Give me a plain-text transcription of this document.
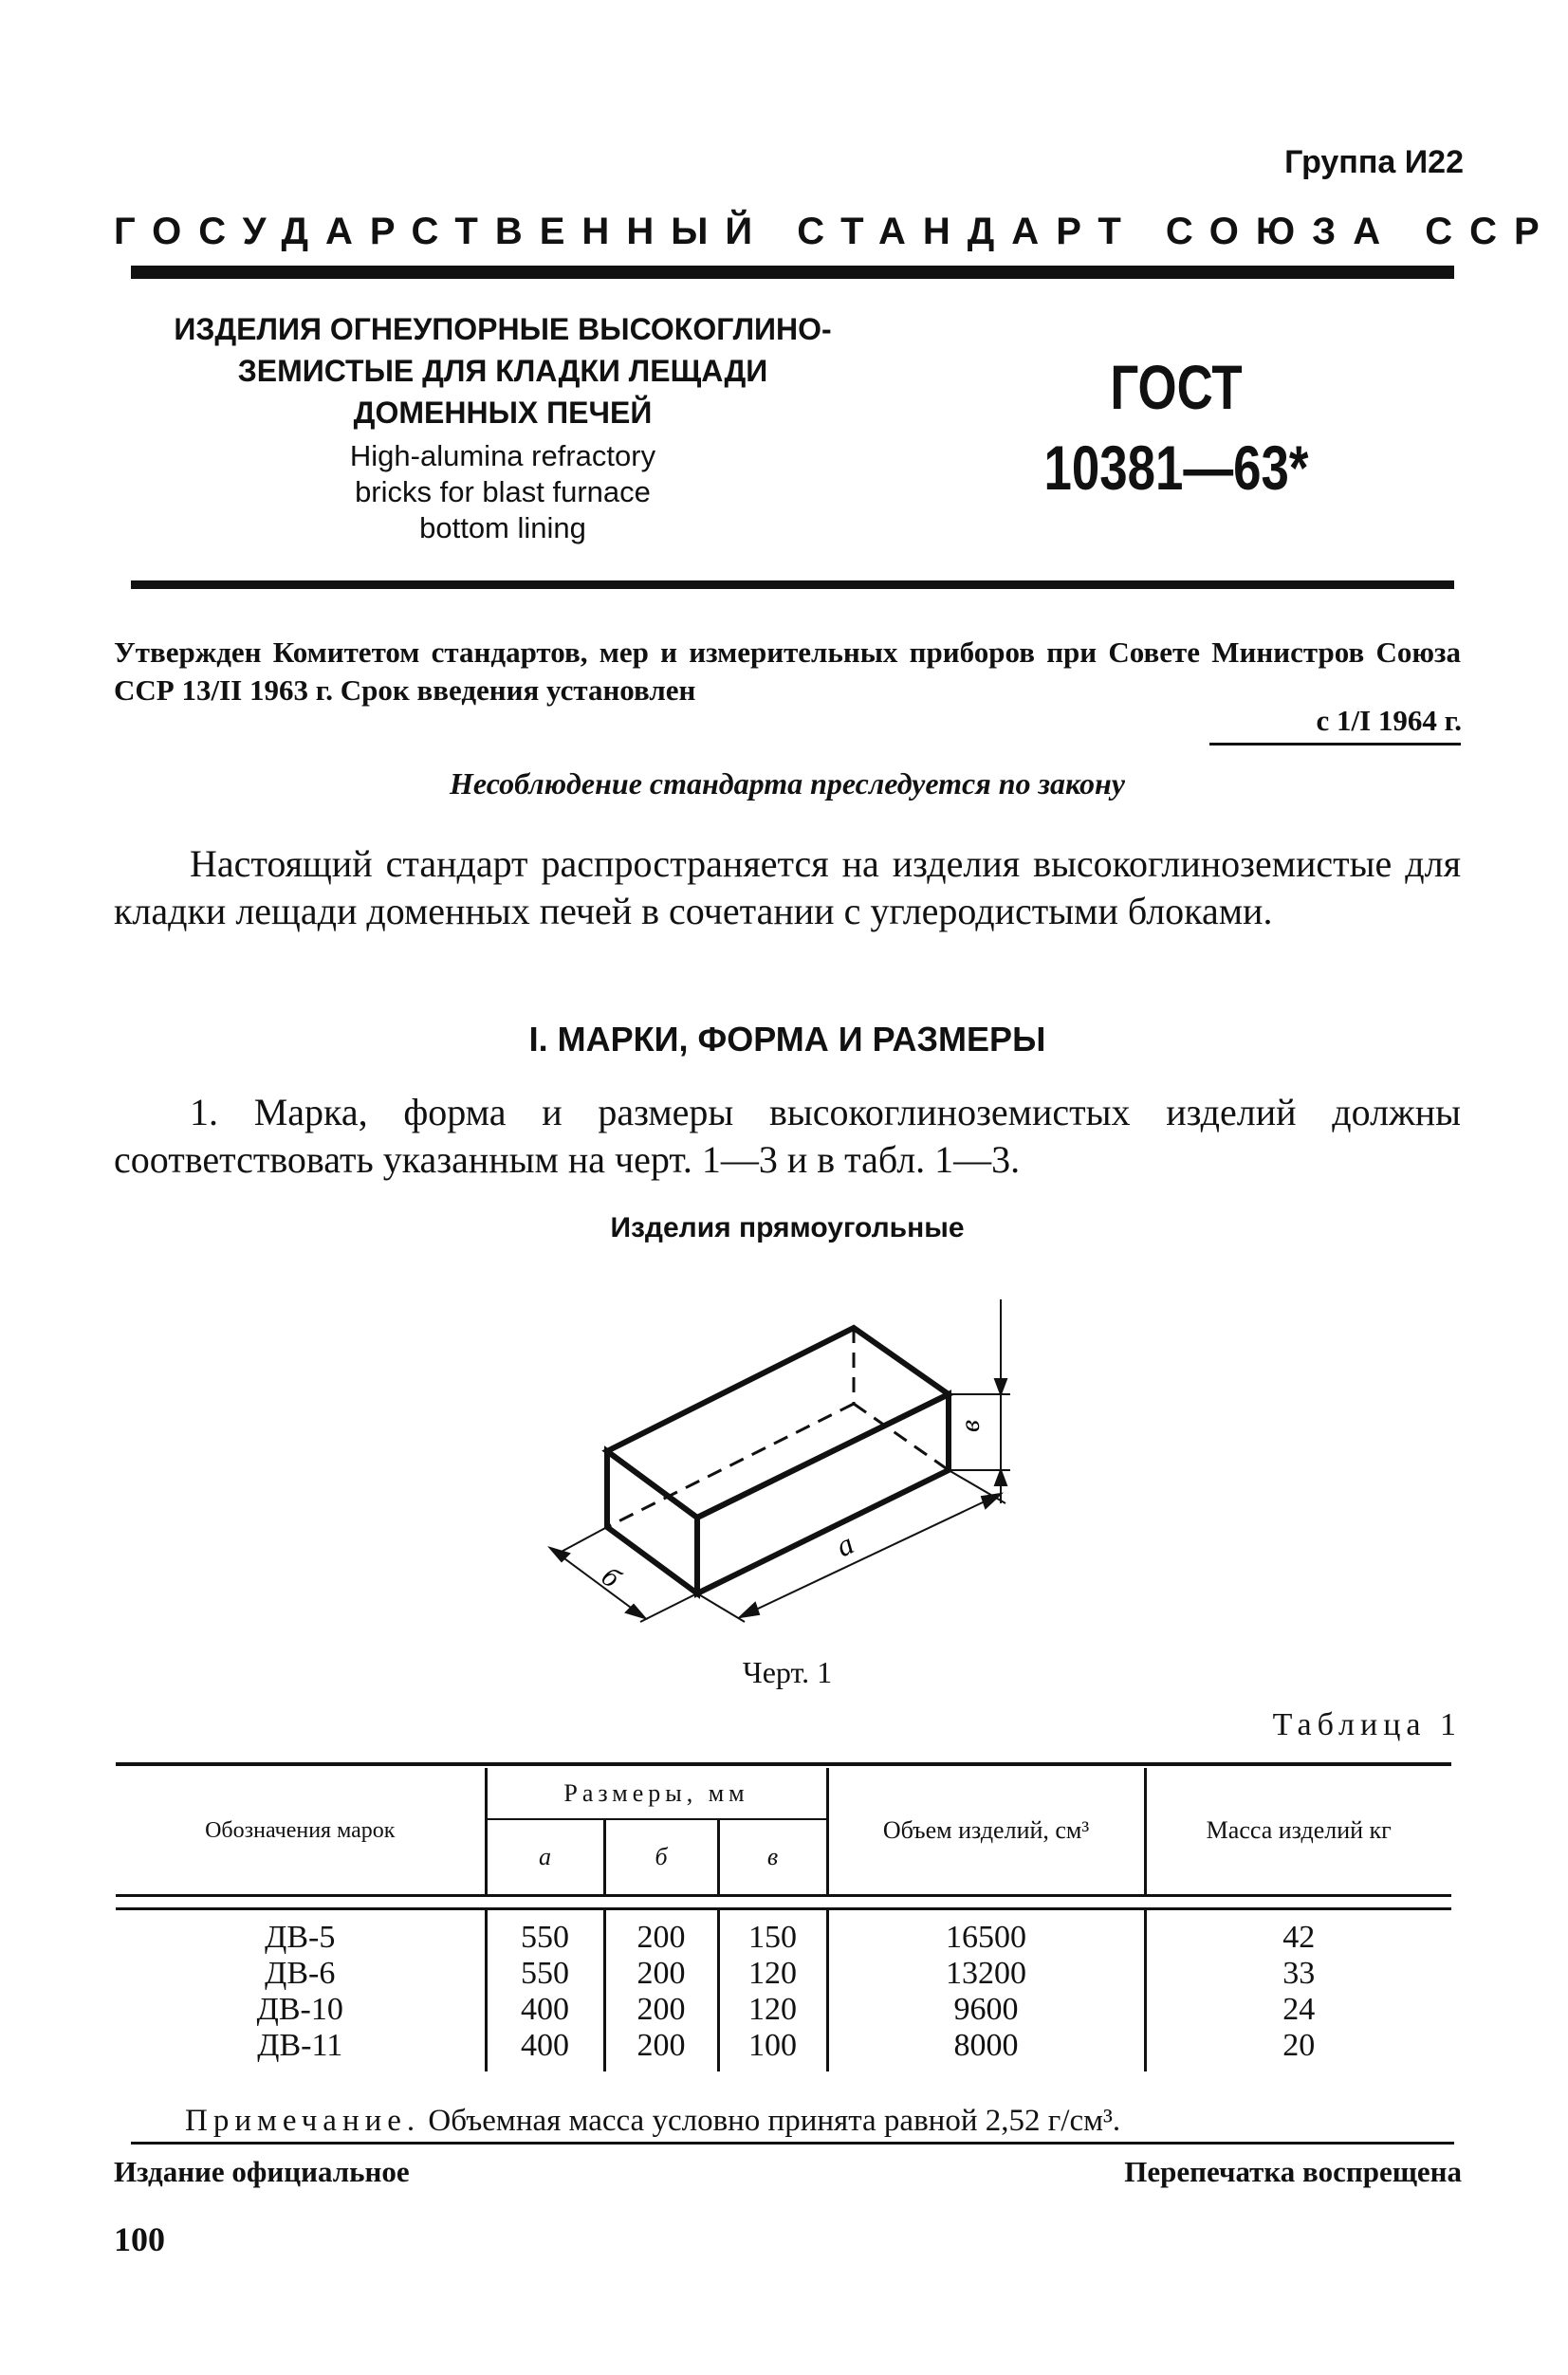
Группа И22
ГОСУДАРСТВЕННЫЙ СТАНДАРТ СОЮЗА ССР
ИЗДЕЛИЯ ОГНЕУПОРНЫЕ ВЫСОКОГЛИНО-
ЗЕМИСТЫЕ ДЛЯ КЛАДКИ ЛЕЩАДИ
ДОМЕННЫХ ПЕЧЕЙ
High-alumina refractory
bricks for blast furnace
bottom lining
ГОСТ
10381—63*
Утвержден Комитетом стандартов, мер и измерительных приборов при Совете Министров Союза ССР 13/II 1963 г. Срок введения установлен
с 1/I 1964 г.
Несоблюдение стандарта преследуется по закону
Настоящий стандарт распространяется на изделия высокоглиноземистые для кладки лещади доменных печей в сочетании с углеродистыми блоками.
I. МАРКИ, ФОРМА И РАЗМЕРЫ
1. Марка, форма и размеры высокоглиноземистых изделий должны соответствовать указанным на черт. 1—3 и в табл. 1—3.
Изделия прямоугольные
б
a
в
Черт. 1
Таблица 1

Обозначения марок	Размеры, мм			Объем изделий, см³	Масса изделий кг
	а	б	в		

ДВ-5	550	200	150	16500	42
ДВ-6	550	200	120	13200	33
ДВ-10	400	200	120	9600	24
ДВ-11	400	200	100	8000	20
Примечание. Объемная масса условно принята равной 2,52 г/см³.
Издание официальное	Перепечатка воспрещена
100
